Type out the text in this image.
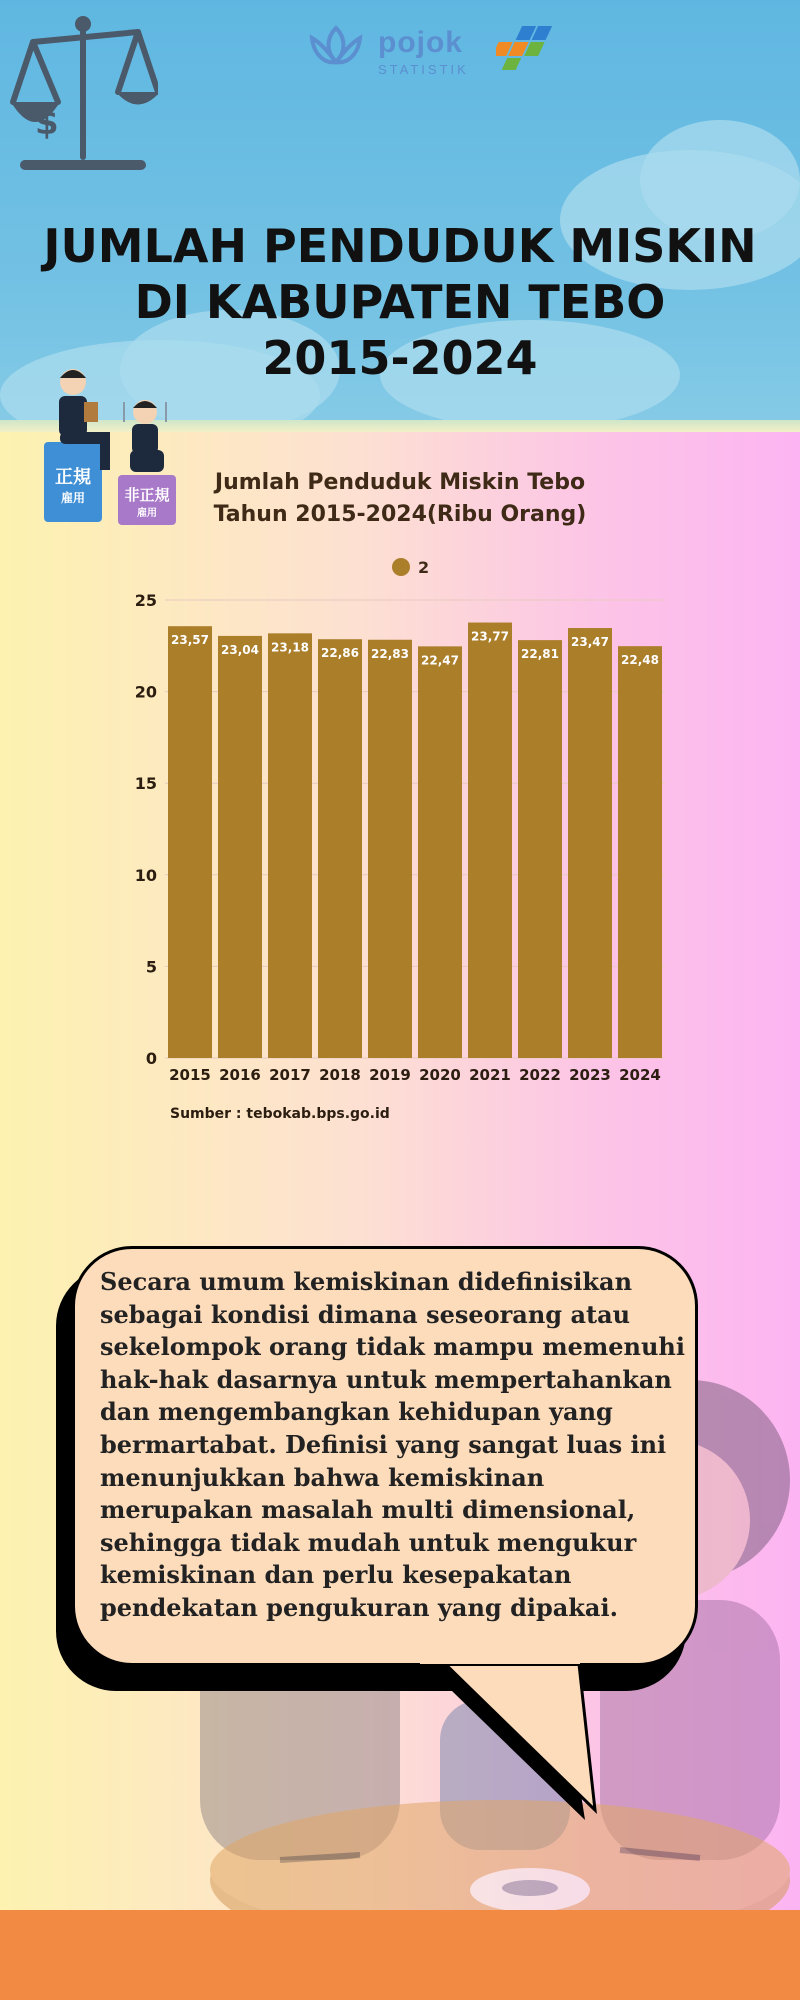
$
pojok
STATISTIK
JUMLAH PENDUDUK MISKIN
DI KABUPATEN TEBO
2015-2024
正規
雇用	非正規
雇用
Jumlah Penduduk Miskin Tebo
Tahun 2015-2024(Ribu Orang)
2
0
5
10
15
20
25
23,57
2015
23,04
2016
23,18
2017
22,86
2018
22,83
2019
22,47
2020
23,77
2021
22,81
2022
23,47
2023
22,48
2024
Sumber : tebokab.bps.go.id
Secara umum kemiskinan didefinisikan
sebagai kondisi dimana seseorang atau
sekelompok orang tidak mampu memenuhi
hak-hak dasarnya untuk mempertahankan
dan mengembangkan kehidupan yang
bermartabat. Definisi yang sangat luas ini
menunjukkan bahwa kemiskinan
merupakan masalah multi dimensional,
sehingga tidak mudah untuk mengukur
kemiskinan dan perlu kesepakatan
pendekatan pengukuran yang dipakai.
